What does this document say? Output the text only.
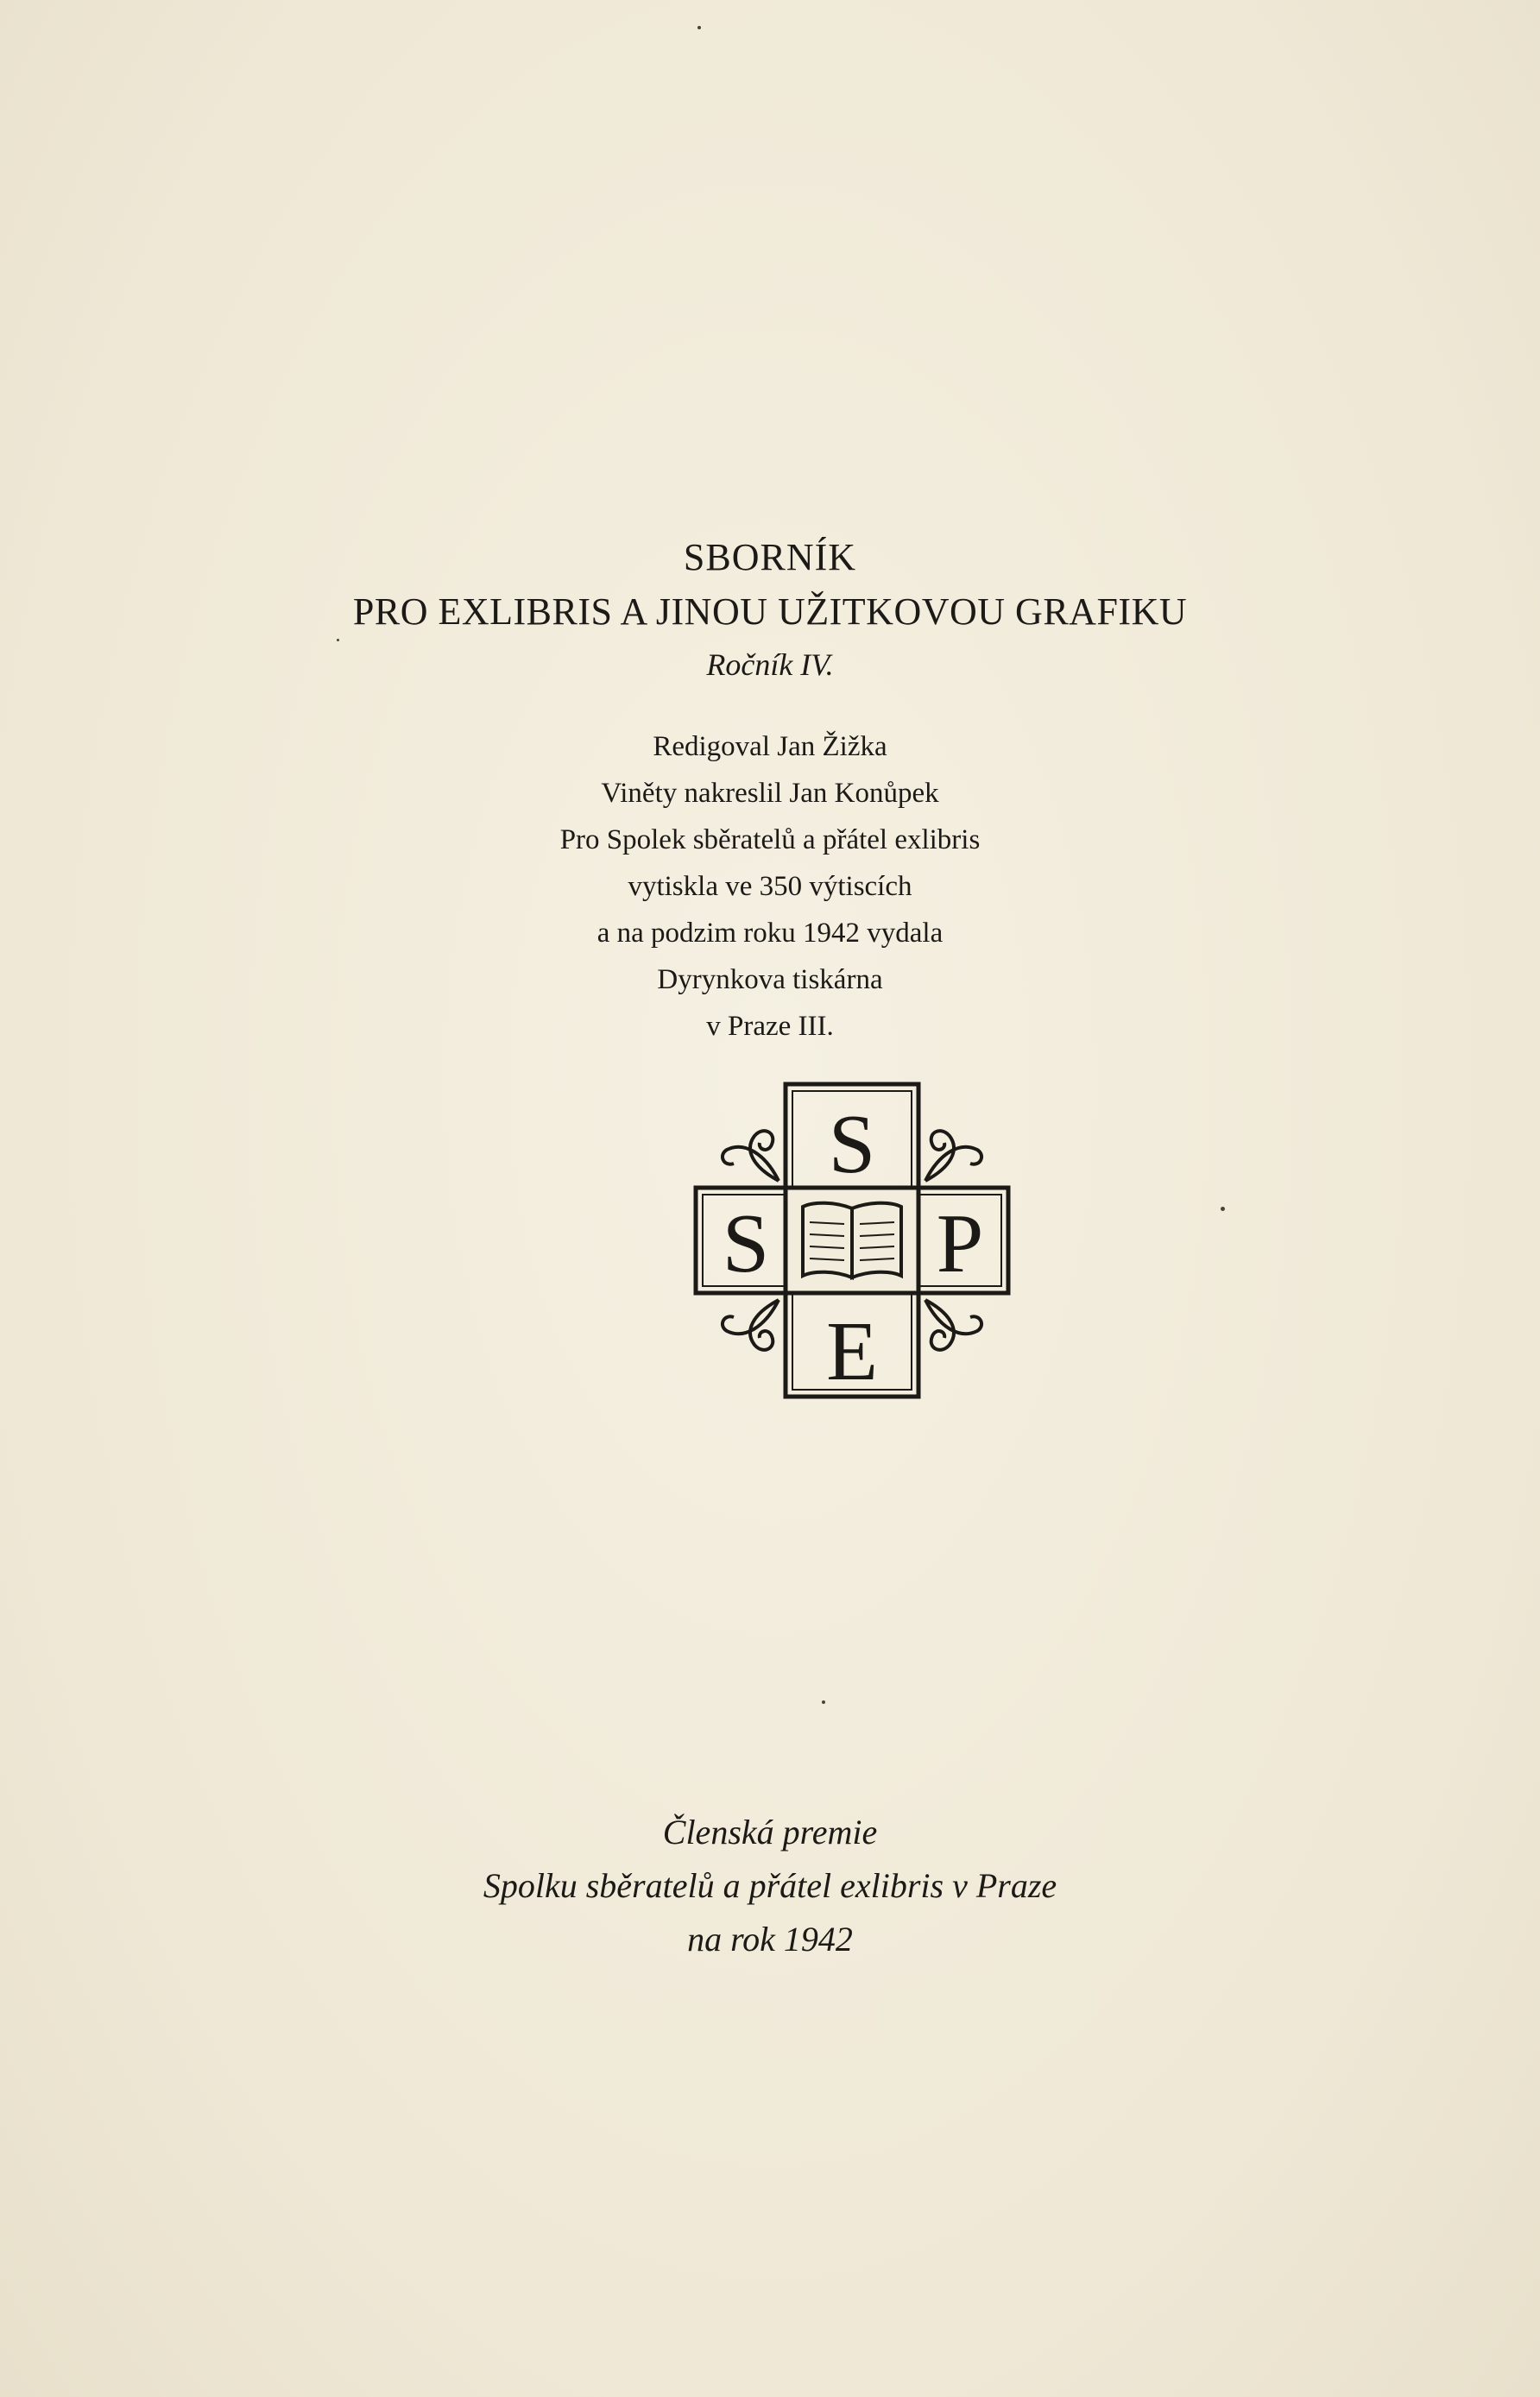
SBORNÍK
PRO EXLIBRIS A JINOU UŽITKOVOU GRAFIKU
Ročník IV.
Redigoval Jan Žižka
Viněty nakreslil Jan Konůpek
Pro Spolek sběratelů a přátel exlibris
vytiskla ve 350 výtiscích
a na podzim roku 1942 vydala
Dyrynkova tiskárna
v Praze III.
S
S P
E
Členská premie
Spolku sběratelů a přátel exlibris v Praze
na rok 1942
